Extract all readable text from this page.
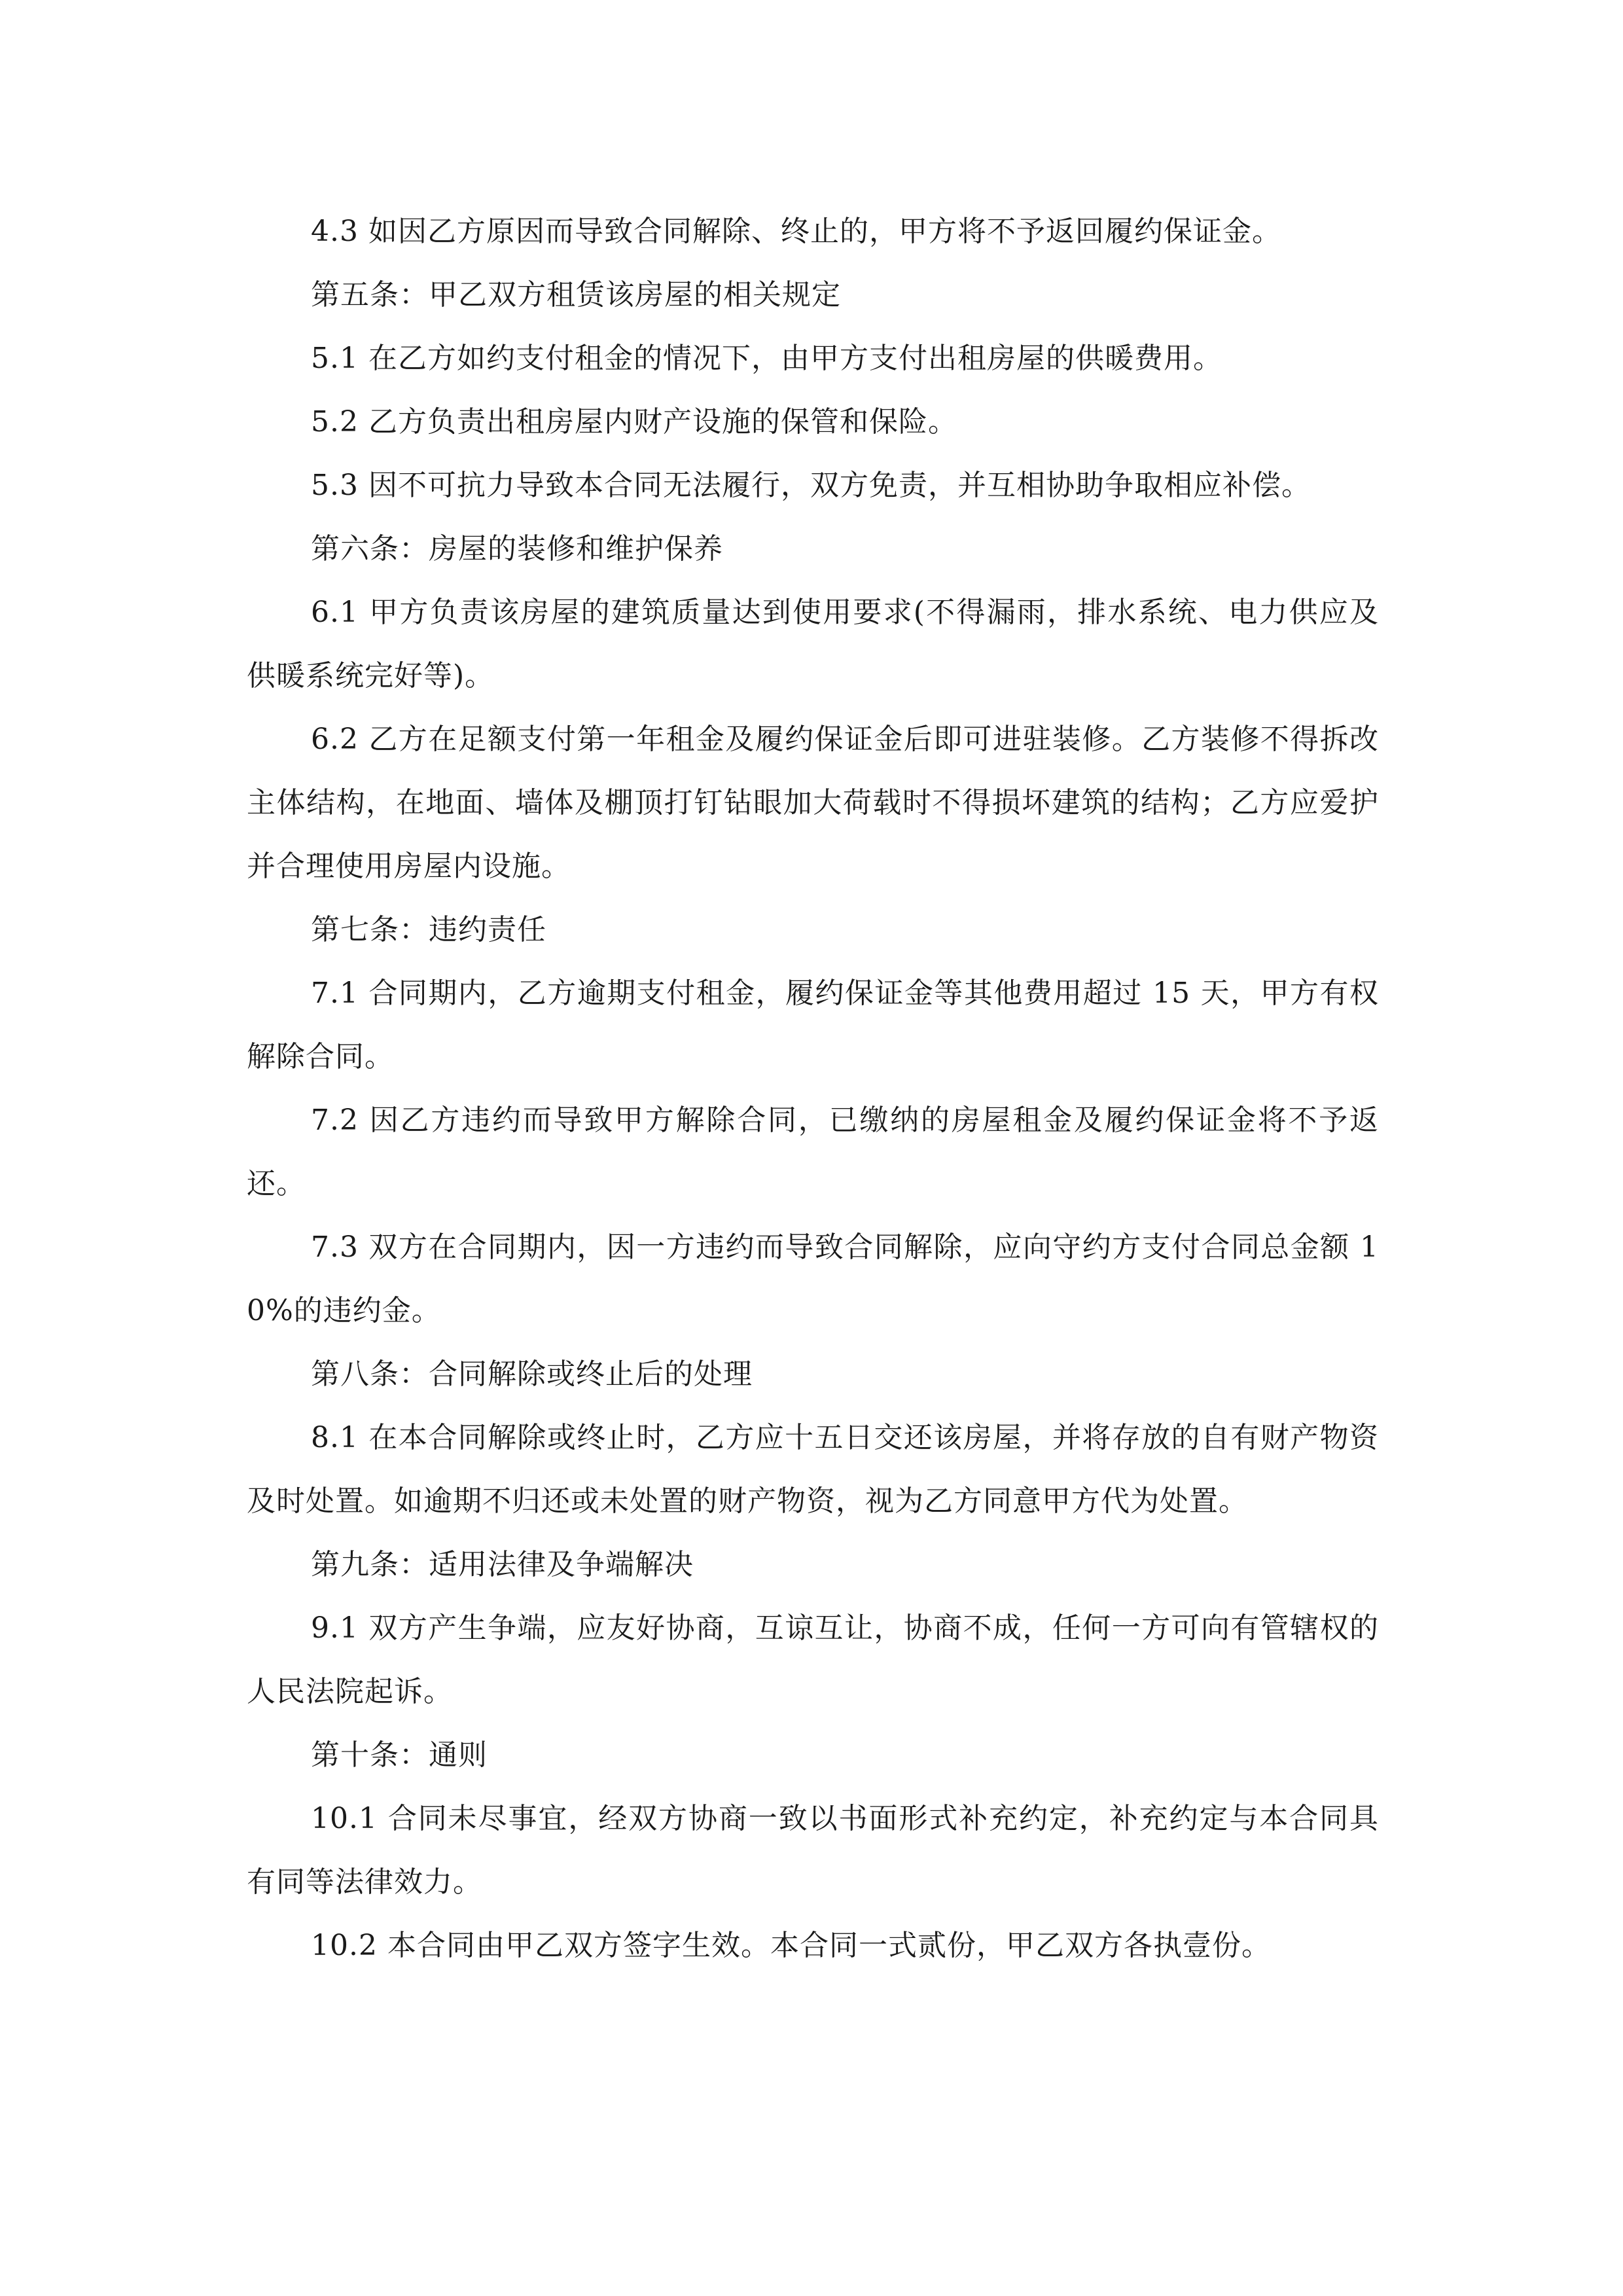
4.3 如因乙方原因而导致合同解除、终止的，甲方将不予返回履约保证金。

第五条：甲乙双方租赁该房屋的相关规定

5.1 在乙方如约支付租金的情况下，由甲方支付出租房屋的供暖费用。

5.2 乙方负责出租房屋内财产设施的保管和保险。

5.3 因不可抗力导致本合同无法履行，双方免责，并互相协助争取相应补偿。

第六条：房屋的装修和维护保养

6.1 甲方负责该房屋的建筑质量达到使用要求(不得漏雨，排水系统、电力供应及供暖系统完好等)。

6.2 乙方在足额支付第一年租金及履约保证金后即可进驻装修。乙方装修不得拆改主体结构，在地面、墙体及棚顶打钉钻眼加大荷载时不得损坏建筑的结构；乙方应爱护并合理使用房屋内设施。

第七条：违约责任

7.1 合同期内，乙方逾期支付租金，履约保证金等其他费用超过 15 天，甲方有权解除合同。

7.2 因乙方违约而导致甲方解除合同，已缴纳的房屋租金及履约保证金将不予返还。

7.3 双方在合同期内，因一方违约而导致合同解除，应向守约方支付合同总金额 10%的违约金。

第八条：合同解除或终止后的处理

8.1 在本合同解除或终止时，乙方应十五日交还该房屋，并将存放的自有财产物资及时处置。如逾期不归还或未处置的财产物资，视为乙方同意甲方代为处置。

第九条：适用法律及争端解决

9.1 双方产生争端，应友好协商，互谅互让，协商不成，任何一方可向有管辖权的人民法院起诉。

第十条：通则

10.1 合同未尽事宜，经双方协商一致以书面形式补充约定，补充约定与本合同具有同等法律效力。

10.2 本合同由甲乙双方签字生效。本合同一式贰份，甲乙双方各执壹份。
